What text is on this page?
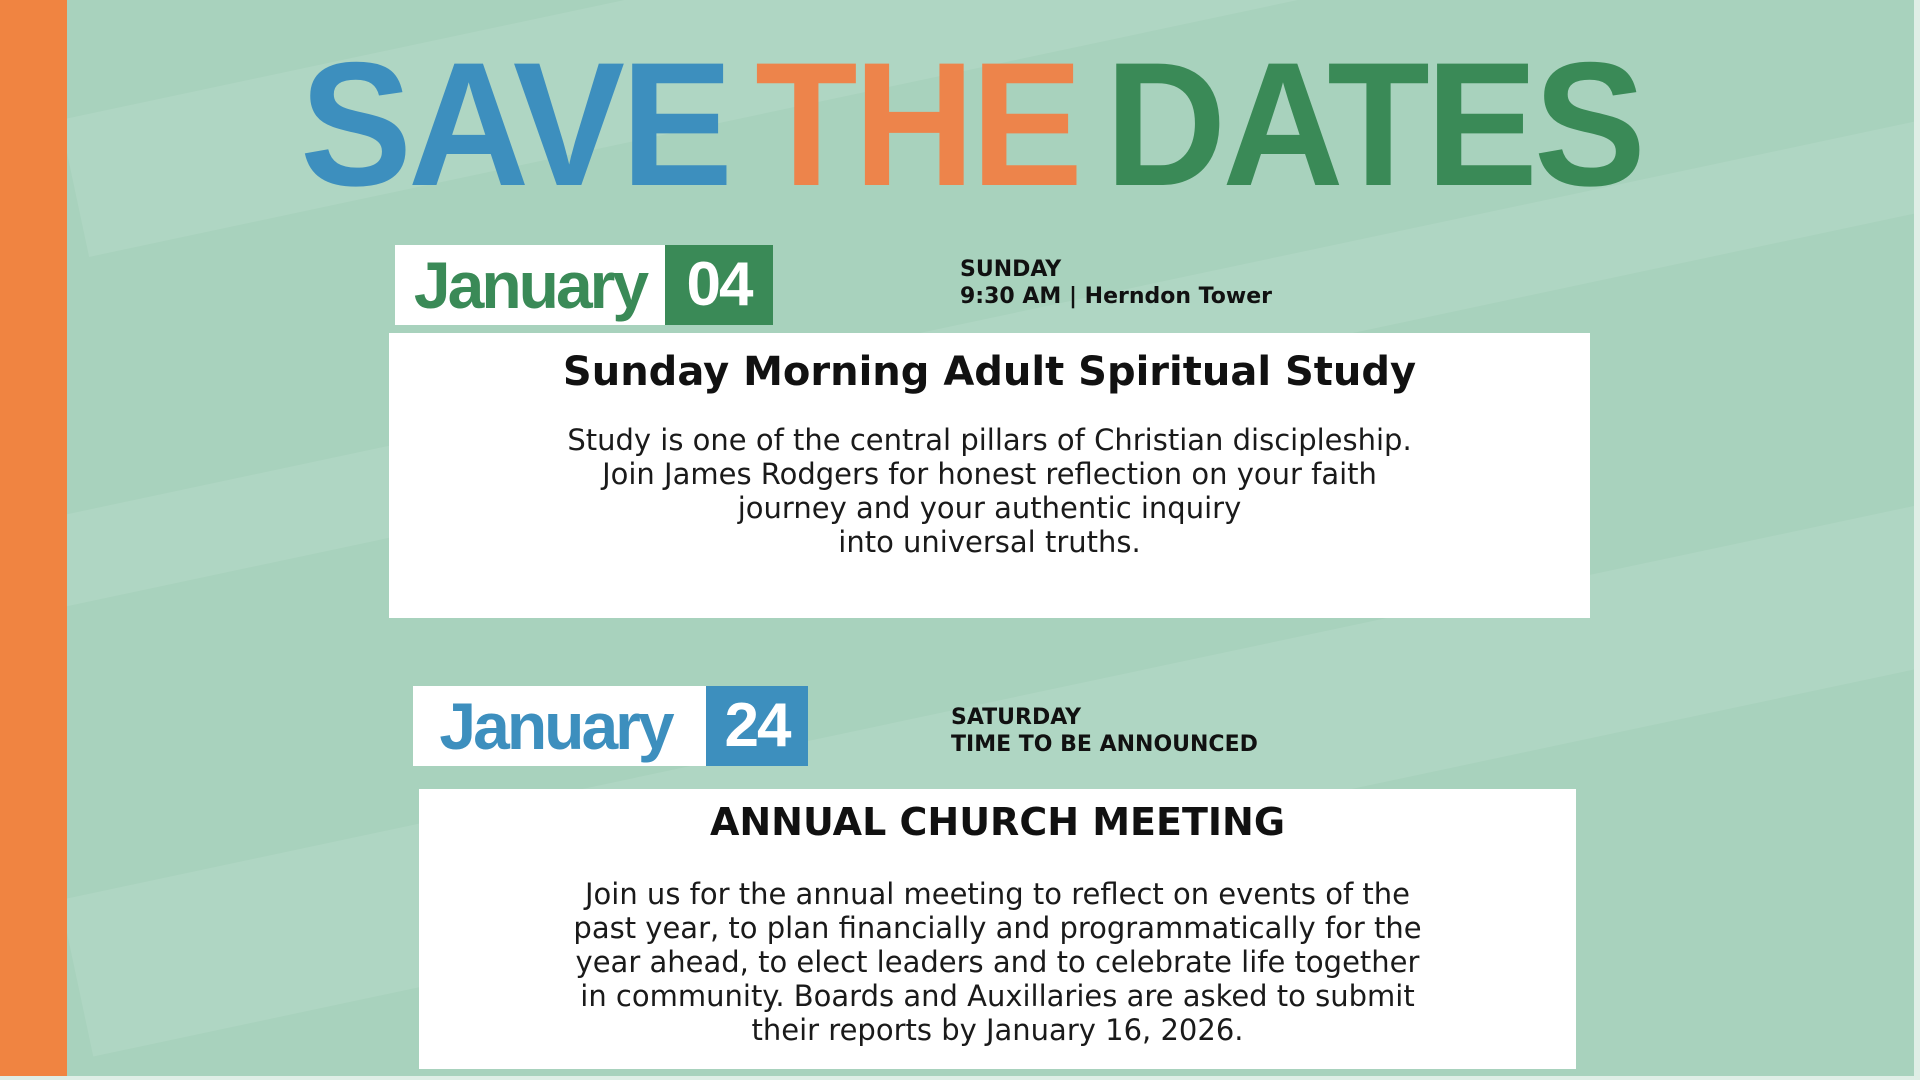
SAVE THE DATES
January 04	SUNDAY
9:30 AM | Herndon Tower
Sunday Morning Adult Spiritual Study
Study is one of the central pillars of Christian discipleship.
Join James Rodgers for honest reflection on your faith
journey and your authentic inquiry
into universal truths.
January 24	SATURDAY
TIME TO BE ANNOUNCED
ANNUAL CHURCH MEETING
Join us for the annual meeting to reflect on events of the
past year, to plan financially and programmatically for the
year ahead, to elect leaders and to celebrate life together
in community. Boards and Auxillaries are asked to submit
their reports by January 16, 2026.
